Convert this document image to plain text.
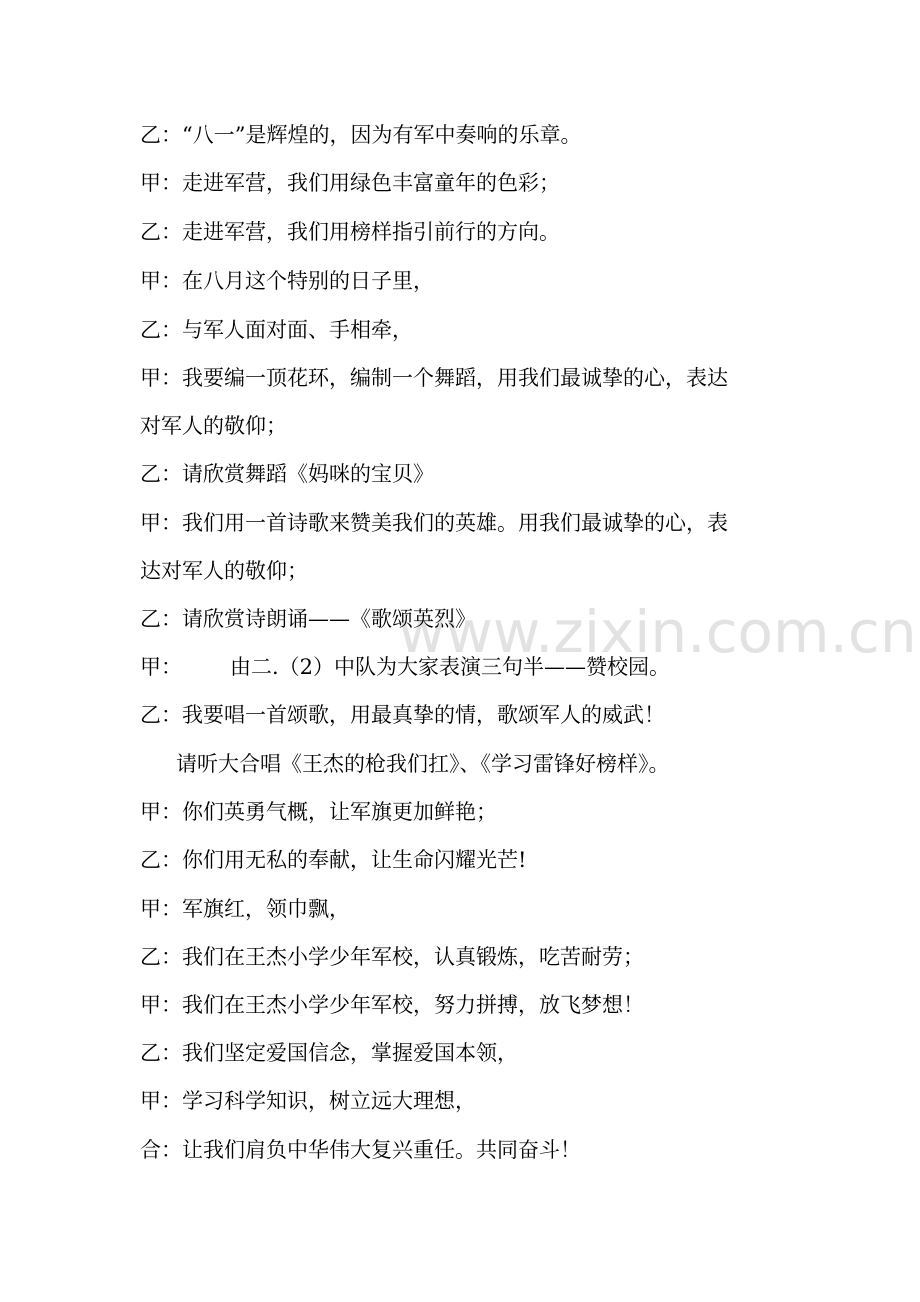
www.zixin.com.cn
乙：“八一”是辉煌的，因为有军中奏响的乐章。
甲：走进军营，我们用绿色丰富童年的色彩；
乙：走进军营，我们用榜样指引前行的方向。
甲：在八月这个特别的日子里，
乙：与军人面对面、手相牵，
甲：我要编一顶花环，编制一个舞蹈，用我们最诚挚的心，表达
对军人的敬仰；
乙：请欣赏舞蹈《妈咪的宝贝》
甲：我们用一首诗歌来赞美我们的英雄。用我们最诚挚的心，表
达对军人的敬仰；
乙：请欣赏诗朗诵——《歌颂英烈》
甲： 由二.（2）中队为大家表演三句半——赞校园。
乙：我要唱一首颂歌，用最真挚的情，歌颂军人的威武！
请听大合唱《王杰的枪我们扛》、《学习雷锋好榜样》。
甲：你们英勇气概，让军旗更加鲜艳；
乙：你们用无私的奉献，让生命闪耀光芒!
甲：军旗红，领巾飘，
乙：我们在王杰小学少年军校，认真锻炼，吃苦耐劳；
甲：我们在王杰小学少年军校，努力拼搏，放飞梦想！
乙：我们坚定爱国信念，掌握爱国本领，
甲：学习科学知识，树立远大理想，
合：让我们肩负中华伟大复兴重任。共同奋斗！
